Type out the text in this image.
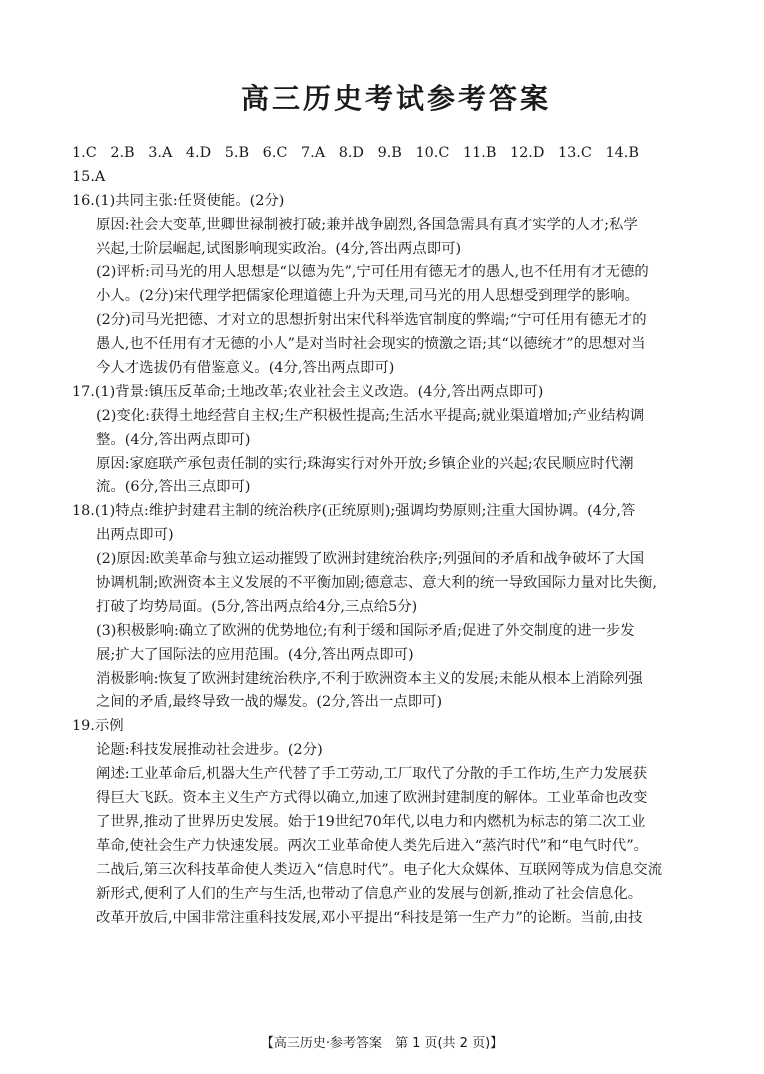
高三历史考试参考答案
1.C 2.B 3.A 4.D 5.B 6.C 7.A 8.D 9.B 10.C 11.B 12.D 13.C 14.B
15.A
16.(1)共同主张:任贤使能。(2分)
原因:社会大变革,世卿世禄制被打破;兼并战争剧烈,各国急需具有真才实学的人才;私学
兴起,士阶层崛起,试图影响现实政治。(4分,答出两点即可)
(2)评析:司马光的用人思想是“以德为先”,宁可任用有德无才的愚人,也不任用有才无德的
小人。(2分)宋代理学把儒家伦理道德上升为天理,司马光的用人思想受到理学的影响。
(2分)司马光把德、才对立的思想折射出宋代科举选官制度的弊端;“宁可任用有德无才的
愚人,也不任用有才无德的小人”是对当时社会现实的愤激之语;其“以德统才”的思想对当
今人才选拔仍有借鉴意义。(4分,答出两点即可)
17.(1)背景:镇压反革命;土地改革;农业社会主义改造。(4分,答出两点即可)
(2)变化:获得土地经营自主权;生产积极性提高;生活水平提高;就业渠道增加;产业结构调
整。(4分,答出两点即可)
原因:家庭联产承包责任制的实行;珠海实行对外开放;乡镇企业的兴起;农民顺应时代潮
流。(6分,答出三点即可)
18.(1)特点:维护封建君主制的统治秩序(正统原则);强调均势原则;注重大国协调。(4分,答
出两点即可)
(2)原因:欧美革命与独立运动摧毁了欧洲封建统治秩序;列强间的矛盾和战争破坏了大国
协调机制;欧洲资本主义发展的不平衡加剧;德意志、意大利的统一导致国际力量对比失衡,
打破了均势局面。(5分,答出两点给4分,三点给5分)
(3)积极影响:确立了欧洲的优势地位;有利于缓和国际矛盾;促进了外交制度的进一步发
展;扩大了国际法的应用范围。(4分,答出两点即可)
消极影响:恢复了欧洲封建统治秩序,不利于欧洲资本主义的发展;未能从根本上消除列强
之间的矛盾,最终导致一战的爆发。(2分,答出一点即可)
19.示例
论题:科技发展推动社会进步。(2分)
阐述:工业革命后,机器大生产代替了手工劳动,工厂取代了分散的手工作坊,生产力发展获
得巨大飞跃。资本主义生产方式得以确立,加速了欧洲封建制度的解体。工业革命也改变
了世界,推动了世界历史发展。始于19世纪70年代,以电力和内燃机为标志的第二次工业
革命,使社会生产力快速发展。两次工业革命使人类先后进入“蒸汽时代”和“电气时代”。
二战后,第三次科技革命使人类迈入“信息时代”。电子化大众媒体、互联网等成为信息交流
新形式,便利了人们的生产与生活,也带动了信息产业的发展与创新,推动了社会信息化。
改革开放后,中国非常注重科技发展,邓小平提出“科技是第一生产力”的论断。当前,由技
【高三历史·参考答案　第 1 页(共 2 页)】
